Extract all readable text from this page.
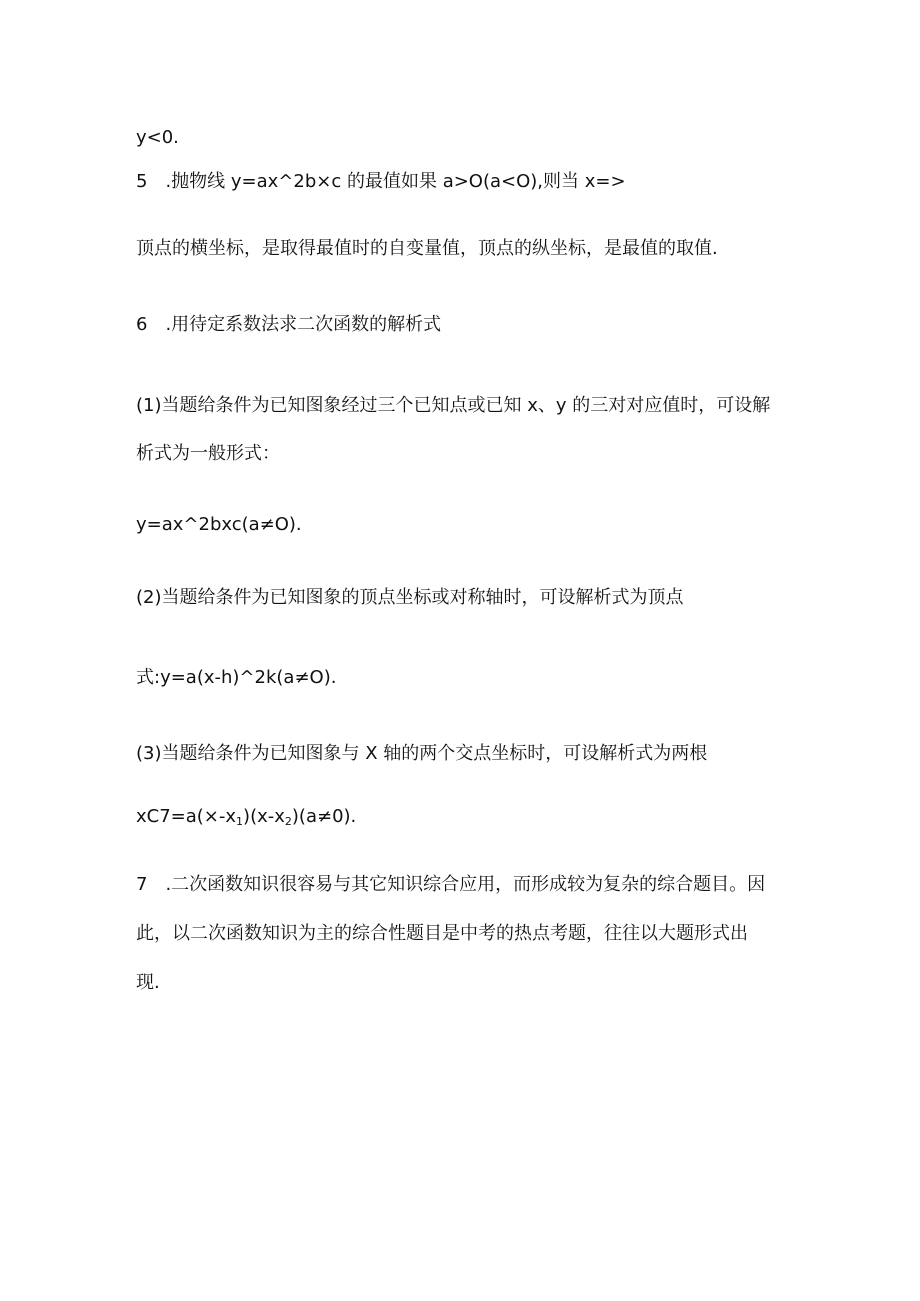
y<0.
5　.抛物线 y=ax^2b×c 的最值如果 a>O(a<O),则当 x=>
顶点的横坐标，是取得最值时的自变量值，顶点的纵坐标，是最值的取值.
6　.用待定系数法求二次函数的解析式
(1)当题给条件为已知图象经过三个已知点或已知 x、y 的三对对应值时，可设解
析式为一般形式：
y=ax^2bxc(a≠O).
(2)当题给条件为已知图象的顶点坐标或对称轴时，可设解析式为顶点
式:y=a(x-h)^2k(a≠O).
(3)当题给条件为已知图象与 X 轴的两个交点坐标时，可设解析式为两根
$xC7=a(\times-x_1)(x-x_2)(a\ne 0)$.
7　.二次函数知识很容易与其它知识综合应用，而形成较为复杂的综合题目。因
此，以二次函数知识为主的综合性题目是中考的热点考题，往往以大题形式出
现.
